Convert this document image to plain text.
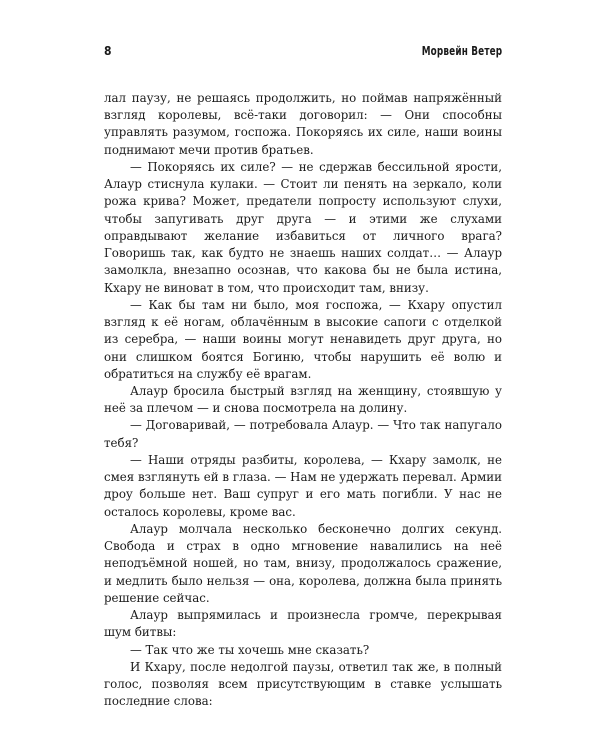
8	Морвейн Ветер

лал паузу, не решаясь продолжить, но поймав напряжённый взгляд королевы, всё-таки договорил: — Они способны управлять разумом, госпожа. Покоряясь их силе, наши воины поднимают мечи против братьев.

— Покоряясь их силе? — не сдержав бессильной ярости, Алаур стиснула кулаки. — Стоит ли пенять на зеркало, коли рожа крива? Может, предатели попросту используют слухи, чтобы запугивать друг друга — и этими же слухами оправдывают желание избавиться от личного врага? Говоришь так, как будто не знаешь наших солдат… — Алаур замолкла, внезапно осознав, что какова бы не была истина, Кхару не виноват в том, что происходит там, внизу.

— Как бы там ни было, моя госпожа, — Кхару опустил взгляд к её ногам, облачённым в высокие сапоги с отделкой из серебра, — наши воины могут ненавидеть друг друга, но они слишком боятся Богиню, чтобы нарушить её волю и обратиться на службу её врагам.

Алаур бросила быстрый взгляд на женщину, стоявшую у неё за плечом — и снова посмотрела на долину.

— Договаривай, — потребовала Алаур. — Что так напугало тебя?

— Наши отряды разбиты, королева, — Кхару замолк, не смея взглянуть ей в глаза. — Нам не удержать перевал. Армии дроу больше нет. Ваш супруг и его мать погибли. У нас не осталось королевы, кроме вас.

Алаур молчала несколько бесконечно долгих секунд. Свобода и страх в одно мгновение навалились на неё неподъёмной ношей, но там, внизу, продолжалось сражение, и медлить было нельзя — она, королева, должна была принять решение сейчас.

Алаур выпрямилась и произнесла громче, перекрывая шум битвы:

— Так что же ты хочешь мне сказать?

И Кхару, после недолгой паузы, ответил так же, в полный голос, позволяя всем присутствующим в ставке услышать последние слова:
